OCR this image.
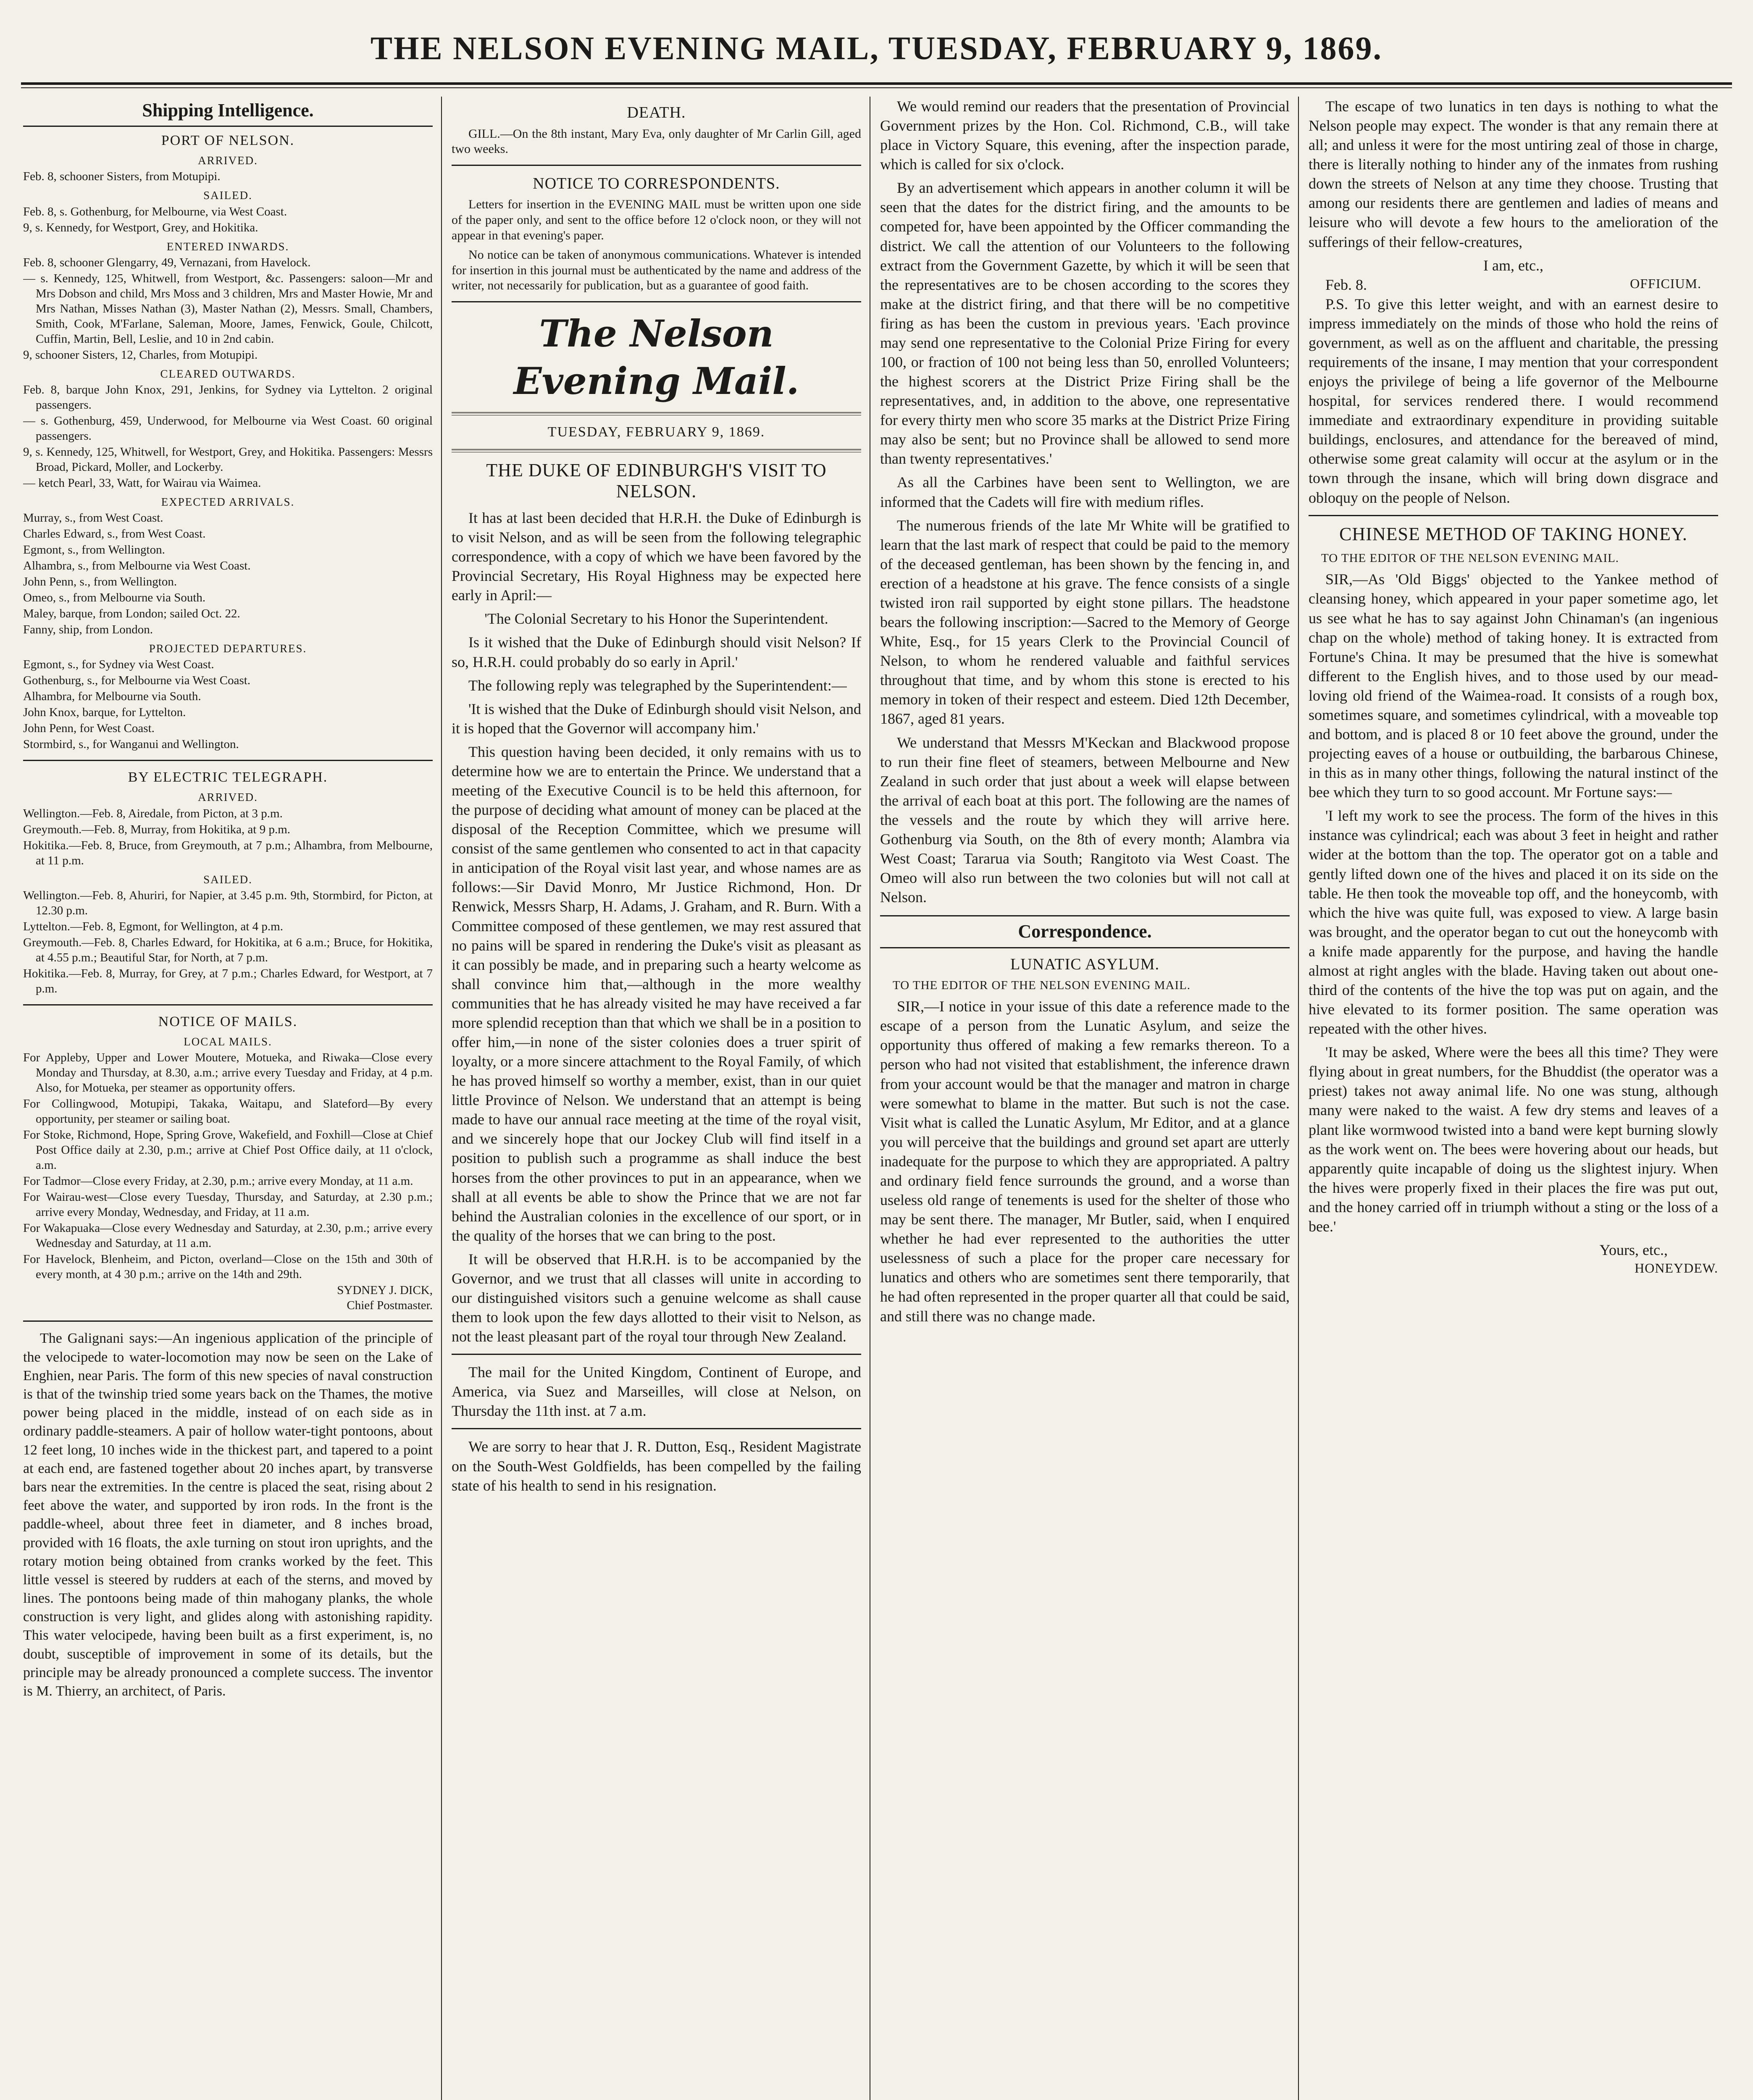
THE NELSON EVENING MAIL, TUESDAY, FEBRUARY 9, 1869.
Shipping Intelligence.
PORT OF NELSON.
ARRIVED.
Feb. 8, schooner Sisters, from Motupipi.
SAILED.
Feb. 8, s. Gothenburg, for Melbourne, via West Coast.
9, s. Kennedy, for Westport, Grey, and Hokitika.
ENTERED INWARDS.
Feb. 8, schooner Glengarry, 49, Vernazani, from Havelock.
— s. Kennedy, 125, Whitwell, from Westport, &c. Passengers: saloon—Mr and Mrs Dobson and child, Mrs Moss and 3 children, Mrs and Master Howie, Mr and Mrs Nathan, Misses Nathan (3), Master Nathan (2), Messrs. Small, Chambers, Smith, Cook, M'Farlane, Saleman, Moore, James, Fenwick, Goule, Chilcott, Cuffin, Martin, Bell, Leslie, and 10 in 2nd cabin.
9, schooner Sisters, 12, Charles, from Motupipi.
CLEARED OUTWARDS.
Feb. 8, barque John Knox, 291, Jenkins, for Sydney via Lyttelton. 2 original passengers.
— s. Gothenburg, 459, Underwood, for Melbourne via West Coast. 60 original passengers.
9, s. Kennedy, 125, Whitwell, for Westport, Grey, and Hokitika. Passengers: Messrs Broad, Pickard, Moller, and Lockerby.
— ketch Pearl, 33, Watt, for Wairau via Waimea.
EXPECTED ARRIVALS.
Murray, s., from West Coast.
Charles Edward, s., from West Coast.
Egmont, s., from Wellington.
Alhambra, s., from Melbourne via West Coast.
John Penn, s., from Wellington.
Omeo, s., from Melbourne via South.
Maley, barque, from London; sailed Oct. 22.
Fanny, ship, from London.
PROJECTED DEPARTURES.
Egmont, s., for Sydney via West Coast.
Gothenburg, s., for Melbourne via West Coast.
Alhambra, for Melbourne via South.
John Knox, barque, for Lyttelton.
John Penn, for West Coast.
Stormbird, s., for Wanganui and Wellington.
BY ELECTRIC TELEGRAPH.
ARRIVED.
Wellington.—Feb. 8, Airedale, from Picton, at 3 p.m.
Greymouth.—Feb. 8, Murray, from Hokitika, at 9 p.m.
Hokitika.—Feb. 8, Bruce, from Greymouth, at 7 p.m.; Alhambra, from Melbourne, at 11 p.m.
SAILED.
Wellington.—Feb. 8, Ahuriri, for Napier, at 3.45 p.m. 9th, Stormbird, for Picton, at 12.30 p.m.
Lyttelton.—Feb. 8, Egmont, for Wellington, at 4 p.m.
Greymouth.—Feb. 8, Charles Edward, for Hokitika, at 6 a.m.; Bruce, for Hokitika, at 4.55 p.m.; Beautiful Star, for North, at 7 p.m.
Hokitika.—Feb. 8, Murray, for Grey, at 7 p.m.; Charles Edward, for Westport, at 7 p.m.
NOTICE OF MAILS.
LOCAL MAILS.
For Appleby, Upper and Lower Moutere, Motueka, and Riwaka—Close every Monday and Thursday, at 8.30, a.m.; arrive every Tuesday and Friday, at 4 p.m. Also, for Motueka, per steamer as opportunity offers.
For Collingwood, Motupipi, Takaka, Waitapu, and Slateford—By every opportunity, per steamer or sailing boat.
For Stoke, Richmond, Hope, Spring Grove, Wakefield, and Foxhill—Close at Chief Post Office daily at 2.30, p.m.; arrive at Chief Post Office daily, at 11 o'clock, a.m.
For Tadmor—Close every Friday, at 2.30, p.m.; arrive every Monday, at 11 a.m.
For Wairau-west—Close every Tuesday, Thursday, and Saturday, at 2.30 p.m.; arrive every Monday, Wednesday, and Friday, at 11 a.m.
For Wakapuaka—Close every Wednesday and Saturday, at 2.30, p.m.; arrive every Wednesday and Saturday, at 11 a.m.
For Havelock, Blenheim, and Picton, overland—Close on the 15th and 30th of every month, at 4 30 p.m.; arrive on the 14th and 29th.
SYDNEY J. DICK,
Chief Postmaster.

The Galignani says:—An ingenious application of the principle of the velocipede to water-locomotion may now be seen on the Lake of Enghien, near Paris. The form of this new species of naval construction is that of the twinship tried some years back on the Thames, the motive power being placed in the middle, instead of on each side as in ordinary paddle-steamers. A pair of hollow water-tight pontoons, about 12 feet long, 10 inches wide in the thickest part, and tapered to a point at each end, are fastened together about 20 inches apart, by transverse bars near the extremities. In the centre is placed the seat, rising about 2 feet above the water, and supported by iron rods. In the front is the paddle-wheel, about three feet in diameter, and 8 inches broad, provided with 16 floats, the axle turning on stout iron uprights, and the rotary motion being obtained from cranks worked by the feet. This little vessel is steered by rudders at each of the sterns, and moved by lines. The pontoons being made of thin mahogany planks, the whole construction is very light, and glides along with astonishing rapidity. This water velocipede, having been built as a first experiment, is, no doubt, susceptible of improvement in some of its details, but the principle may be already pronounced a complete success. The inventor is M. Thierry, an architect, of Paris.

DEATH.

GILL.—On the 8th instant, Mary Eva, only daughter of Mr Carlin Gill, aged two weeks.

NOTICE TO CORRESPONDENTS.

Letters for insertion in the EVENING MAIL must be written upon one side of the paper only, and sent to the office before 12 o'clock noon, or they will not appear in that evening's paper.

No notice can be taken of anonymous communications. Whatever is intended for insertion in this journal must be authenticated by the name and address of the writer, not necessarily for publication, but as a guarantee of good faith.

The Nelson Evening Mail.
TUESDAY, FEBRUARY 9, 1869.
THE DUKE OF EDINBURGH'S VISIT TO NELSON.

It has at last been decided that H.R.H. the Duke of Edinburgh is to visit Nelson, and as will be seen from the following telegraphic correspondence, with a copy of which we have been favored by the Provincial Secretary, His Royal Highness may be expected here early in April:—

'The Colonial Secretary to his Honor the Superintendent.

Is it wished that the Duke of Edinburgh should visit Nelson? If so, H.R.H. could probably do so early in April.'

The following reply was telegraphed by the Superintendent:—

'It is wished that the Duke of Edinburgh should visit Nelson, and it is hoped that the Governor will accompany him.'

This question having been decided, it only remains with us to determine how we are to entertain the Prince. We understand that a meeting of the Executive Council is to be held this afternoon, for the purpose of deciding what amount of money can be placed at the disposal of the Reception Committee, which we presume will consist of the same gentlemen who consented to act in that capacity in anticipation of the Royal visit last year, and whose names are as follows:—Sir David Monro, Mr Justice Richmond, Hon. Dr Renwick, Messrs Sharp, H. Adams, J. Graham, and R. Burn. With a Committee composed of these gentlemen, we may rest assured that no pains will be spared in rendering the Duke's visit as pleasant as it can possibly be made, and in preparing such a hearty welcome as shall convince him that,—although in the more wealthy communities that he has already visited he may have received a far more splendid reception than that which we shall be in a position to offer him,—in none of the sister colonies does a truer spirit of loyalty, or a more sincere attachment to the Royal Family, of which he has proved himself so worthy a member, exist, than in our quiet little Province of Nelson. We understand that an attempt is being made to have our annual race meeting at the time of the royal visit, and we sincerely hope that our Jockey Club will find itself in a position to publish such a programme as shall induce the best horses from the other provinces to put in an appearance, when we shall at all events be able to show the Prince that we are not far behind the Australian colonies in the excellence of our sport, or in the quality of the horses that we can bring to the post.

It will be observed that H.R.H. is to be accompanied by the Governor, and we trust that all classes will unite in according to our distinguished visitors such a genuine welcome as shall cause them to look upon the few days allotted to their visit to Nelson, as not the least pleasant part of the royal tour through New Zealand.

The mail for the United Kingdom, Continent of Europe, and America, via Suez and Marseilles, will close at Nelson, on Thursday the 11th inst. at 7 a.m.

We are sorry to hear that J. R. Dutton, Esq., Resident Magistrate on the South-West Goldfields, has been compelled by the failing state of his health to send in his resignation.

We would remind our readers that the presentation of Provincial Government prizes by the Hon. Col. Richmond, C.B., will take place in Victory Square, this evening, after the inspection parade, which is called for six o'clock.

By an advertisement which appears in another column it will be seen that the dates for the district firing, and the amounts to be competed for, have been appointed by the Officer commanding the district. We call the attention of our Volunteers to the following extract from the Government Gazette, by which it will be seen that the representatives are to be chosen according to the scores they make at the district firing, and that there will be no competitive firing as has been the custom in previous years. 'Each province may send one representative to the Colonial Prize Firing for every 100, or fraction of 100 not being less than 50, enrolled Volunteers; the highest scorers at the District Prize Firing shall be the representatives, and, in addition to the above, one representative for every thirty men who score 35 marks at the District Prize Firing may also be sent; but no Province shall be allowed to send more than twenty representatives.'

As all the Carbines have been sent to Wellington, we are informed that the Cadets will fire with medium rifles.

The numerous friends of the late Mr White will be gratified to learn that the last mark of respect that could be paid to the memory of the deceased gentleman, has been shown by the fencing in, and erection of a headstone at his grave. The fence consists of a single twisted iron rail supported by eight stone pillars. The headstone bears the following inscription:—Sacred to the Memory of George White, Esq., for 15 years Clerk to the Provincial Council of Nelson, to whom he rendered valuable and faithful services throughout that time, and by whom this stone is erected to his memory in token of their respect and esteem. Died 12th December, 1867, aged 81 years.

We understand that Messrs M'Keckan and Blackwood propose to run their fine fleet of steamers, between Melbourne and New Zealand in such order that just about a week will elapse between the arrival of each boat at this port. The following are the names of the vessels and the route by which they will arrive here. Gothenburg via South, on the 8th of every month; Alambra via West Coast; Tararua via South; Rangitoto via West Coast. The Omeo will also run between the two colonies but will not call at Nelson.

Correspondence.
LUNATIC ASYLUM.
TO THE EDITOR OF THE NELSON EVENING MAIL.

SIR,—I notice in your issue of this date a reference made to the escape of a person from the Lunatic Asylum, and seize the opportunity thus offered of making a few remarks thereon. To a person who had not visited that establishment, the inference drawn from your account would be that the manager and matron in charge were somewhat to blame in the matter. But such is not the case. Visit what is called the Lunatic Asylum, Mr Editor, and at a glance you will perceive that the buildings and ground set apart are utterly inadequate for the purpose to which they are appropriated. A paltry and ordinary field fence surrounds the ground, and a worse than useless old range of tenements is used for the shelter of those who may be sent there. The manager, Mr Butler, said, when I enquired whether he had ever represented to the authorities the utter uselessness of such a place for the proper care necessary for lunatics and others who are sometimes sent there temporarily, that he had often represented in the proper quarter all that could be said, and still there was no change made.

The escape of two lunatics in ten days is nothing to what the Nelson people may expect. The wonder is that any remain there at all; and unless it were for the most untiring zeal of those in charge, there is literally nothing to hinder any of the inmates from rushing down the streets of Nelson at any time they choose. Trusting that among our residents there are gentlemen and ladies of means and leisure who will devote a few hours to the amelioration of the sufferings of their fellow-creatures,

I am, etc.,
Feb. 8.	OFFICIUM.

P.S. To give this letter weight, and with an earnest desire to impress immediately on the minds of those who hold the reins of government, as well as on the affluent and charitable, the pressing requirements of the insane, I may mention that your correspondent enjoys the privilege of being a life governor of the Melbourne hospital, for services rendered there. I would recommend immediate and extraordinary expenditure in providing suitable buildings, enclosures, and attendance for the bereaved of mind, otherwise some great calamity will occur at the asylum or in the town through the insane, which will bring down disgrace and obloquy on the people of Nelson.

CHINESE METHOD OF TAKING HONEY.
TO THE EDITOR OF THE NELSON EVENING MAIL.

SIR,—As 'Old Biggs' objected to the Yankee method of cleansing honey, which appeared in your paper sometime ago, let us see what he has to say against John Chinaman's (an ingenious chap on the whole) method of taking honey. It is extracted from Fortune's China. It may be presumed that the hive is somewhat different to the English hives, and to those used by our mead-loving old friend of the Waimea-road. It consists of a rough box, sometimes square, and sometimes cylindrical, with a moveable top and bottom, and is placed 8 or 10 feet above the ground, under the projecting eaves of a house or outbuilding, the barbarous Chinese, in this as in many other things, following the natural instinct of the bee which they turn to so good account. Mr Fortune says:—

'I left my work to see the process. The form of the hives in this instance was cylindrical; each was about 3 feet in height and rather wider at the bottom than the top. The operator got on a table and gently lifted down one of the hives and placed it on its side on the table. He then took the moveable top off, and the honeycomb, with which the hive was quite full, was exposed to view. A large basin was brought, and the operator began to cut out the honeycomb with a knife made apparently for the purpose, and having the handle almost at right angles with the blade. Having taken out about one-third of the contents of the hive the top was put on again, and the hive elevated to its former position. The same operation was repeated with the other hives.

'It may be asked, Where were the bees all this time? They were flying about in great numbers, for the Bhuddist (the operator was a priest) takes not away animal life. No one was stung, although many were naked to the waist. A few dry stems and leaves of a plant like wormwood twisted into a band were kept burning slowly as the work went on. The bees were hovering about our heads, but apparently quite incapable of doing us the slightest injury. When the hives were properly fixed in their places the fire was put out, and the honey carried off in triumph without a sting or the loss of a bee.'

Yours, etc.,
HONEYDEW.
